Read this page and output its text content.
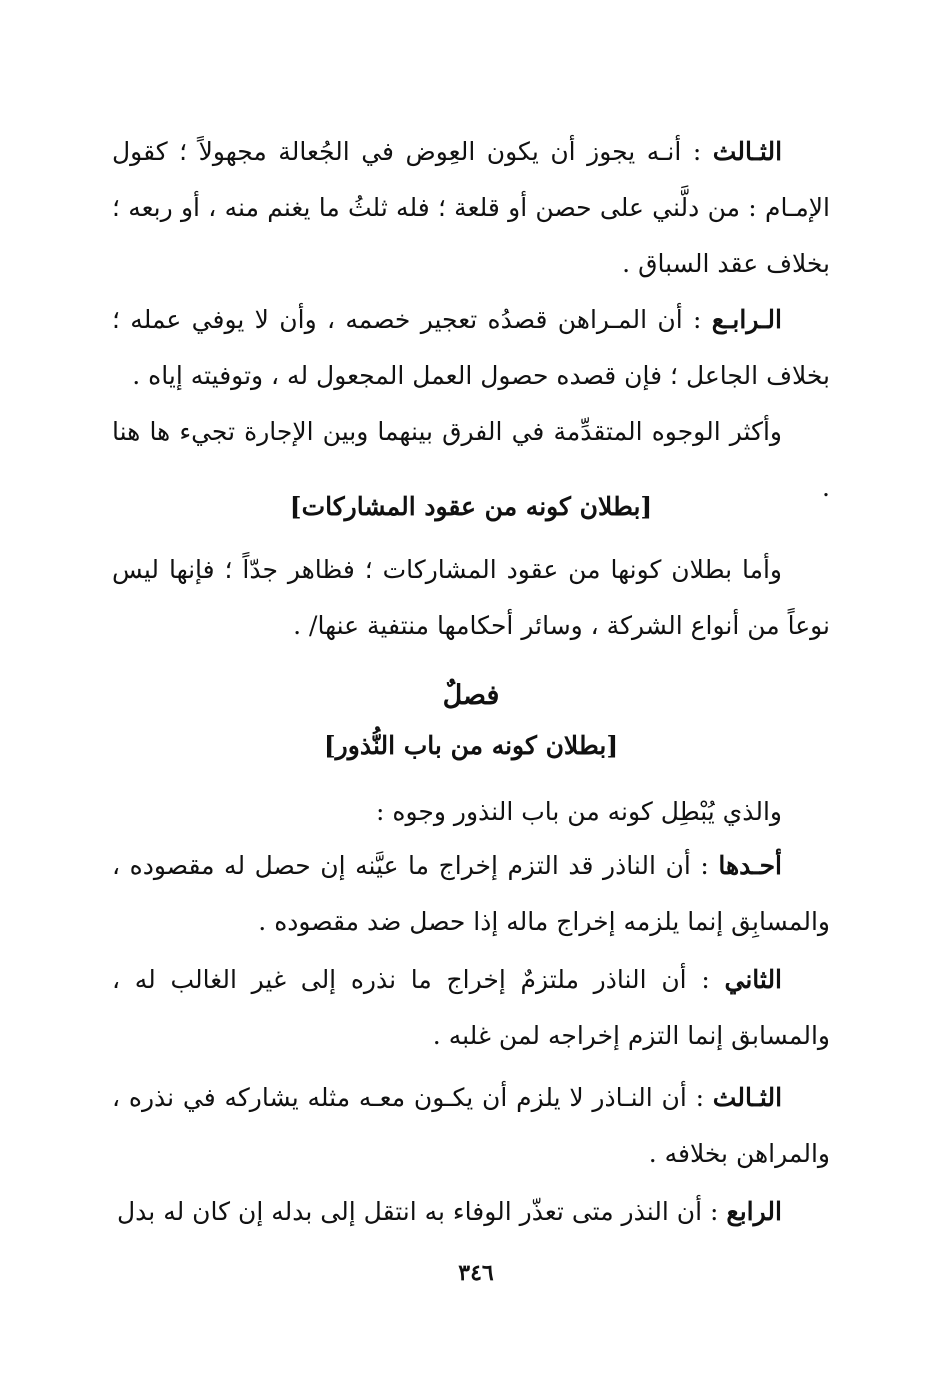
الثـالث : أنـه يجوز أن يكون العِوض في الجُعالة مجهولاً ؛ كقول الإمـام : من دلَّني على حصن أو قلعة ؛ فله ثلثُ ما يغنم منه ، أو ربعه ؛ بخلاف عقد السباق .

الـرابـع : أن المـراهن قصدُه تعجير خصمه ، وأن لا يوفي عمله ؛ بخلاف الجاعل ؛ فإن قصده حصول العمل المجعول له ، وتوفيته إياه .

وأكثر الوجوه المتقدِّمة في الفرق بينهما وبين الإجارة تجيء ها هنا .

[بطلان كونه من عقود المشاركات]

وأما بطلان كونها من عقود المشاركات ؛ فظاهر جدّاً ؛ فإنها ليس نوعاً من أنواع الشركة ، وسائر أحكامها منتفية عنها/ .

فصلٌ
[بطلان كونه من باب النُّذور]

والذي يُبْطِل كونه من باب النذور وجوه :

أحـدها : أن الناذر قد التزم إخراج ما عيَّنه إن حصل له مقصوده ، والمسابِق إنما يلزمه إخراج ماله إذا حصل ضد مقصوده .

الثاني : أن الناذر ملتزمٌ إخراج ما نذره إلى غير الغالب له ، والمسابق إنما التزم إخراجه لمن غلبه .

الثـالث : أن النـاذر لا يلزم أن يكـون معـه مثله يشاركه في نذره ، والمراهن بخلافه .

الرابع : أن النذر متى تعذّر الوفاء به انتقل إلى بدله إن كان له بدل

٣٤٦
